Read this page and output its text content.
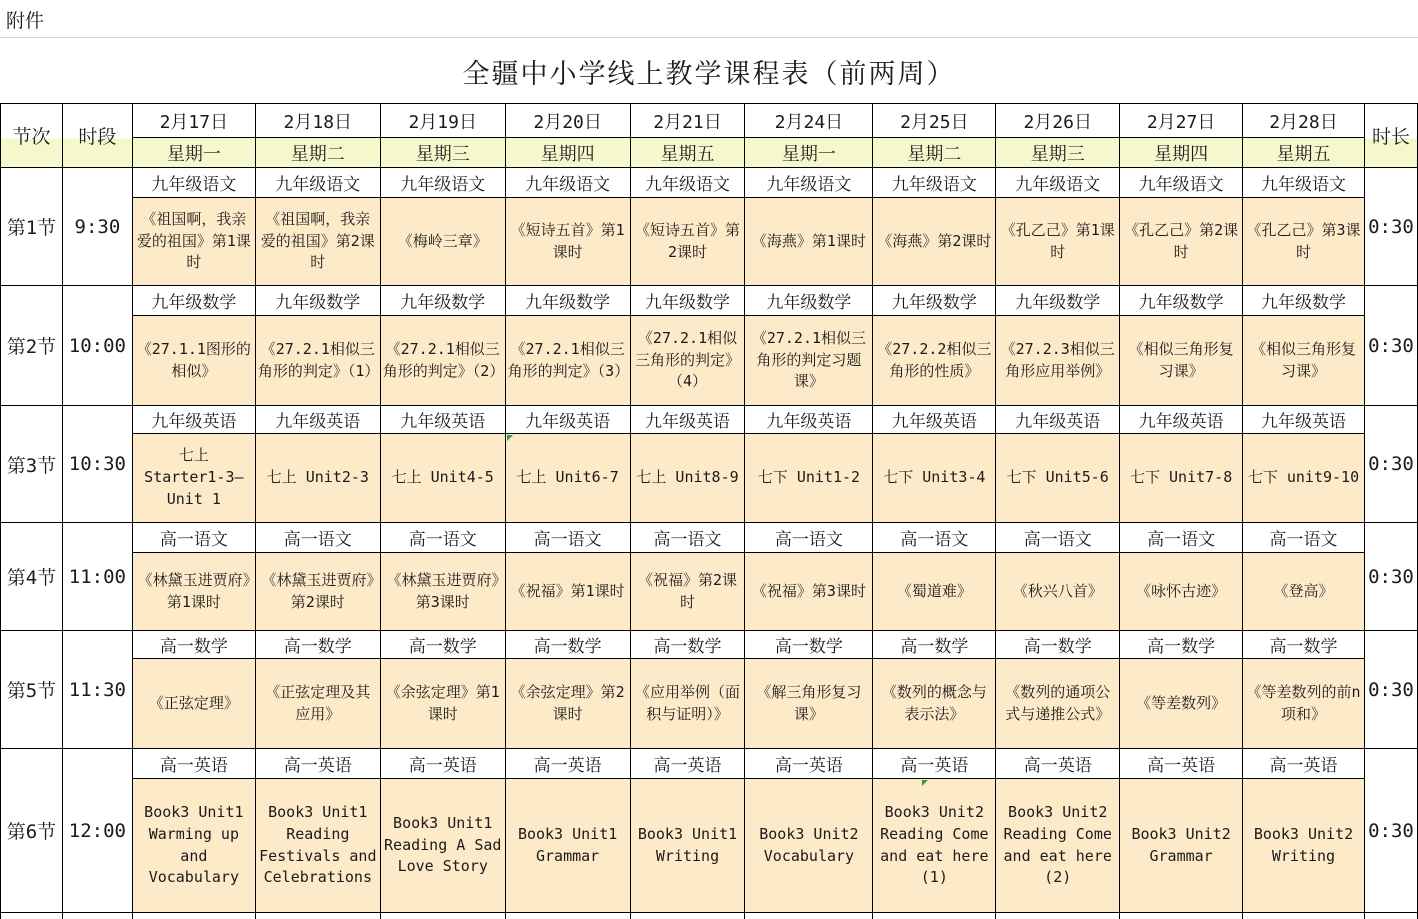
附件
全疆中小学线上教学课程表（前两周）
节次	时段	2月17日	2月18日	2月19日	2月20日	2月21日	2月24日	2月25日	2月26日	2月27日	2月28日	时长
		星期一	星期二	星期三	星期四	星期五	星期一	星期二	星期三	星期四	星期五	
第1节	9:30	九年级语文	九年级语文	九年级语文	九年级语文	九年级语文	九年级语文	九年级语文	九年级语文	九年级语文	九年级语文	0:30
		《祖国啊，我亲爱的祖国》第1课时	《祖国啊，我亲爱的祖国》第2课时	《梅岭三章》	《短诗五首》第1课时	《短诗五首》第2课时	《海燕》第1课时	《海燕》第2课时	《孔乙己》第1课时	《孔乙己》第2课时	《孔乙己》第3课时	
第2节	10:00	九年级数学	九年级数学	九年级数学	九年级数学	九年级数学	九年级数学	九年级数学	九年级数学	九年级数学	九年级数学	0:30
		《27.1.1图形的相似》	《27.2.1相似三角形的判定》（1）	《27.2.1相似三角形的判定》（2）	《27.2.1相似三角形的判定》（3）	《27.2.1相似三角形的判定》（4）	《27.2.1相似三角形的判定习题课》	《27.2.2相似三角形的性质》	《27.2.3相似三角形应用举例》	《相似三角形复习课》	《相似三角形复习课》	
第3节	10:30	九年级英语	九年级英语	九年级英语	九年级英语	九年级英语	九年级英语	九年级英语	九年级英语	九年级英语	九年级英语	0:30
		七上 Starter1-3—Unit 1	七上 Unit2-3	七上 Unit4-5	七上 Unit6-7	七上 Unit8-9	七下 Unit1-2	七下 Unit3-4	七下 Unit5-6	七下 Unit7-8	七下 unit9-10	
第4节	11:00	高一语文	高一语文	高一语文	高一语文	高一语文	高一语文	高一语文	高一语文	高一语文	高一语文	0:30
		《林黛玉进贾府》第1课时	《林黛玉进贾府》第2课时	《林黛玉进贾府》第3课时	《祝福》第1课时	《祝福》第2课时	《祝福》第3课时	《蜀道难》	《秋兴八首》	《咏怀古迹》	《登高》	
第5节	11:30	高一数学	高一数学	高一数学	高一数学	高一数学	高一数学	高一数学	高一数学	高一数学	高一数学	0:30
		《正弦定理》	《正弦定理及其应用》	《余弦定理》第1课时	《余弦定理》第2课时	《应用举例（面积与证明）》	《解三角形复习课》	《数列的概念与表示法》	《数列的通项公式与递推公式》	《等差数列》	《等差数列的前n项和》	
第6节	12:00	高一英语	高一英语	高一英语	高一英语	高一英语	高一英语	高一英语	高一英语	高一英语	高一英语	0:30
		Book3 Unit1 Warming up and Vocabulary	Book3 Unit1 Reading Festivals and Celebrations	Book3 Unit1 Reading A Sad Love Story	Book3 Unit1 Grammar	Book3 Unit1 Writing	Book3 Unit2 Vocabulary	Book3 Unit2 Reading Come and eat here (1)	Book3 Unit2 Reading Come and eat here (2)	Book3 Unit2 Grammar	Book3 Unit2 Writing	
